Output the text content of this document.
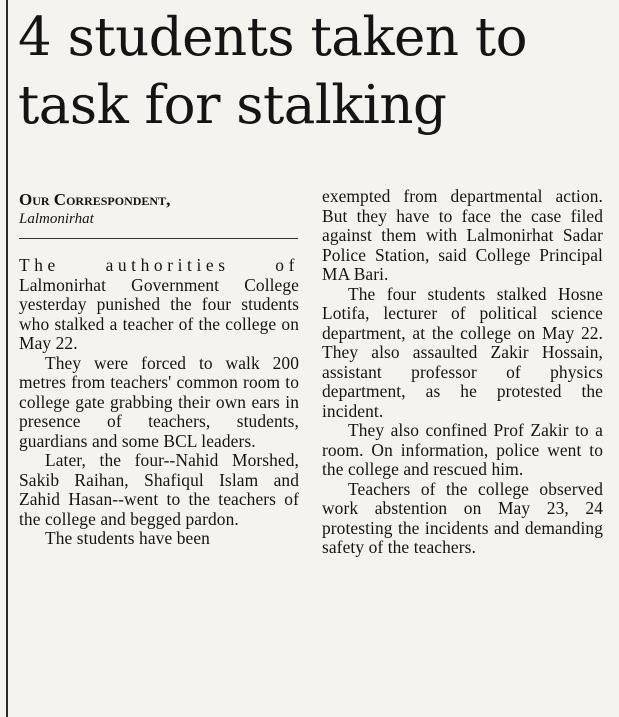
4 students taken to
task for stalking
Our Correspondent,
Lalmonirhat

The authorities of Lalmonirhat Government College yesterday punished the four students who stalked a teacher of the college on May 22.

They were forced to walk 200 metres from teachers' common room to college gate grabbing their own ears in presence of teachers, students, guardians and some BCL leaders.

Later, the four--Nahid Morshed, Sakib Raihan, Shafiqul Islam and Zahid Hasan--went to the teachers of the college and begged pardon.

The students have been

exempted from departmental action. But they have to face the case filed against them with Lalmonirhat Sadar Police Station, said College Principal MA Bari.

The four students stalked Hosne Lotifa, lecturer of political science department, at the college on May 22. They also assaulted Zakir Hossain, assistant professor of physics department, as he protested the incident.

They also confined Prof Zakir to a room. On information, police went to the college and rescued him.

Teachers of the college observed work abstention on May 23, 24 protesting the incidents and demanding safety of the teachers.
